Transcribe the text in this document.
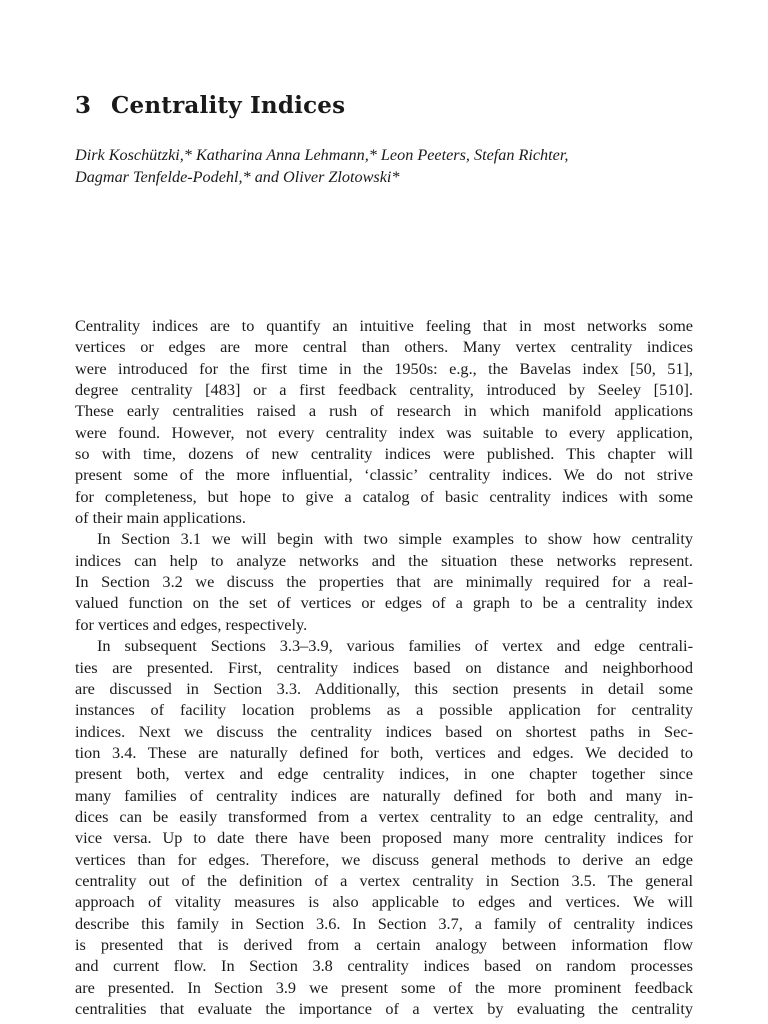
3 Centrality Indices

Dirk Koschützki,* Katharina Anna Lehmann,* Leon Peeters, Stefan Richter,
Dagmar Tenfelde-Podehl,* and Oliver Zlotowski*

Centrality indices are to quantify an intuitive feeling that in most networks some
vertices or edges are more central than others. Many vertex centrality indices
were introduced for the first time in the 1950s: e.g., the Bavelas index [50, 51],
degree centrality [483] or a first feedback centrality, introduced by Seeley [510].
These early centralities raised a rush of research in which manifold applications
were found. However, not every centrality index was suitable to every application,
so with time, dozens of new centrality indices were published. This chapter will
present some of the more influential, ‘classic’ centrality indices. We do not strive
for completeness, but hope to give a catalog of basic centrality indices with some
of their main applications.
In Section 3.1 we will begin with two simple examples to show how centrality
indices can help to analyze networks and the situation these networks represent.
In Section 3.2 we discuss the properties that are minimally required for a real-
valued function on the set of vertices or edges of a graph to be a centrality index
for vertices and edges, respectively.
In subsequent Sections 3.3–3.9, various families of vertex and edge centrali-
ties are presented. First, centrality indices based on distance and neighborhood
are discussed in Section 3.3. Additionally, this section presents in detail some
instances of facility location problems as a possible application for centrality
indices. Next we discuss the centrality indices based on shortest paths in Sec-
tion 3.4. These are naturally defined for both, vertices and edges. We decided to
present both, vertex and edge centrality indices, in one chapter together since
many families of centrality indices are naturally defined for both and many in-
dices can be easily transformed from a vertex centrality to an edge centrality, and
vice versa. Up to date there have been proposed many more centrality indices for
vertices than for edges. Therefore, we discuss general methods to derive an edge
centrality out of the definition of a vertex centrality in Section 3.5. The general
approach of vitality measures is also applicable to edges and vertices. We will
describe this family in Section 3.6. In Section 3.7, a family of centrality indices
is presented that is derived from a certain analogy between information flow
and current flow. In Section 3.8 centrality indices based on random processes
are presented. In Section 3.9 we present some of the more prominent feedback
centralities that evaluate the importance of a vertex by evaluating the centrality
